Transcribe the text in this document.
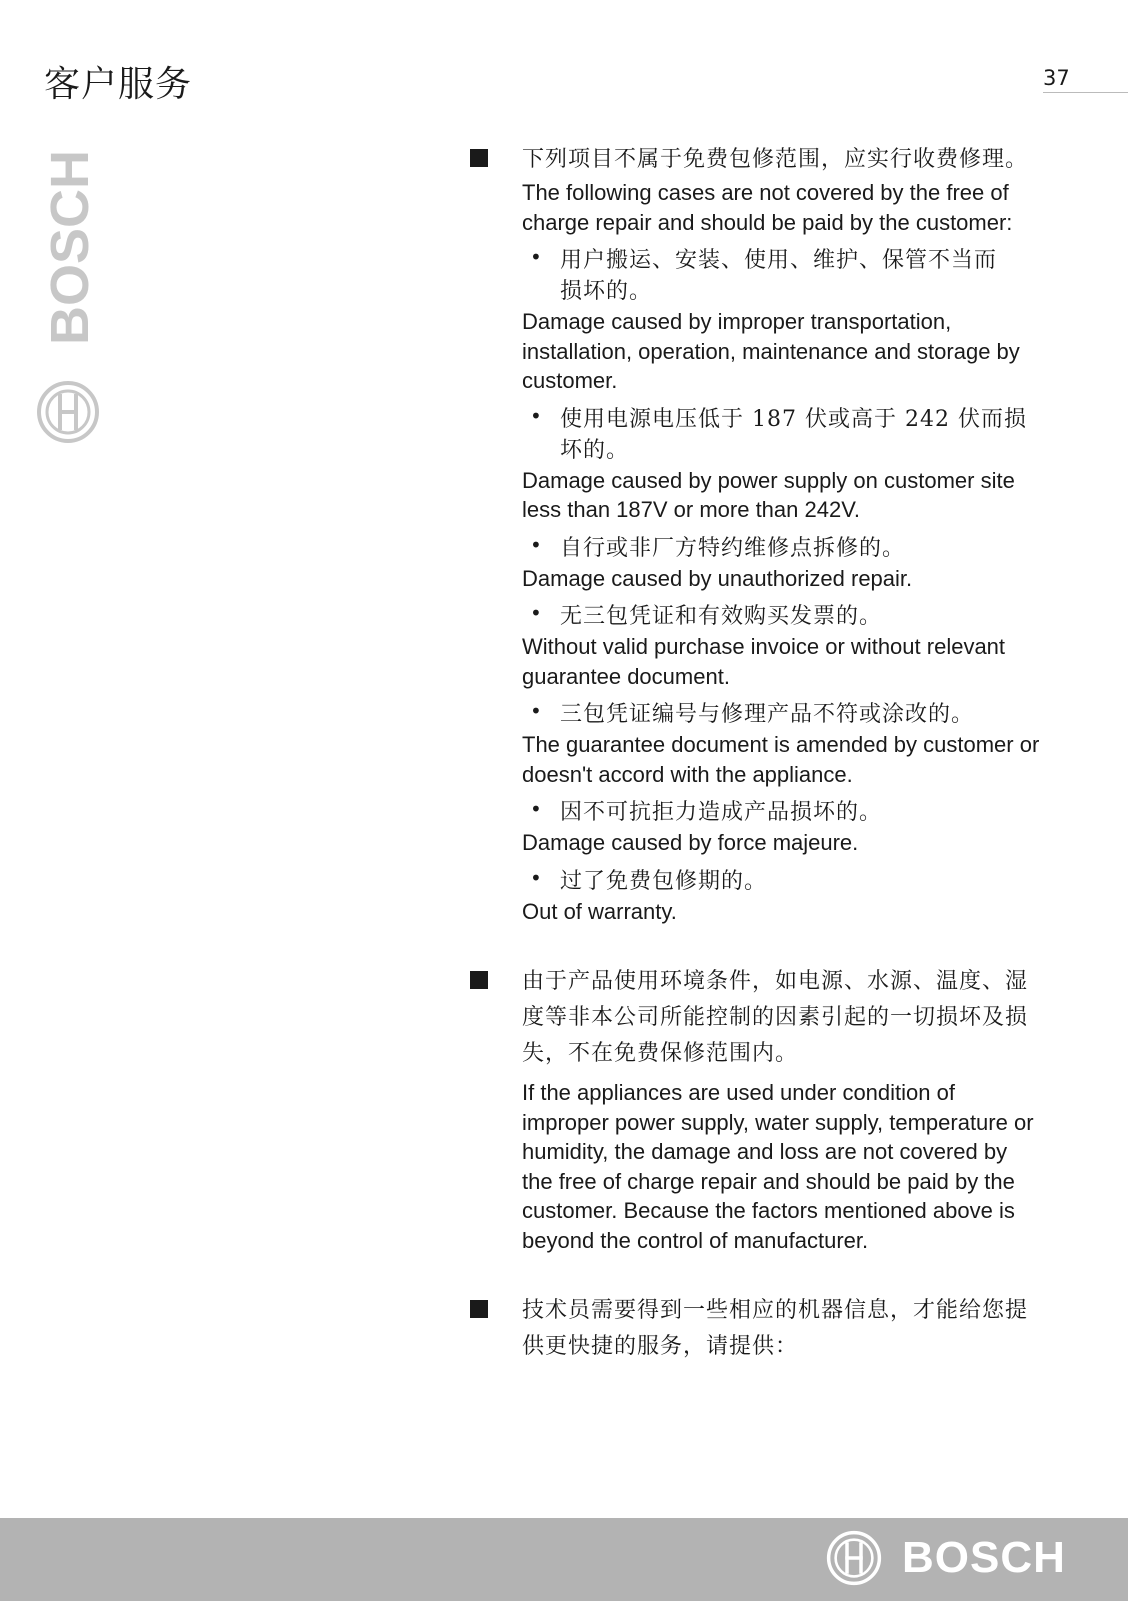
客户服务	37
BOSCH	下列项目不属于免费包修范围，应实行收费修理。

The following cases are not covered by the free of charge repair and should be paid by the customer:

• 用户搬运、安装、使用、维护、保管不当而
损坏的。

Damage caused by improper transportation, installation, operation, maintenance and storage by customer.

• 使用电源电压低于 187 伏或高于 242 伏而损
坏的。

Damage caused by power supply on customer site less than 187V or more than 242V.

• 自行或非厂方特约维修点拆修的。

Damage caused by unauthorized repair.

• 无三包凭证和有效购买发票的。

Without valid purchase invoice or without relevant guarantee document.

• 三包凭证编号与修理产品不符或涂改的。

The guarantee document is amended by customer or doesn't accord with the appliance.

• 因不可抗拒力造成产品损坏的。

Damage caused by force majeure.

• 过了免费包修期的。

Out of warranty.

由于产品使用环境条件，如电源、水源、温度、湿度等非本公司所能控制的因素引起的一切损坏及损失，不在免费保修范围内。

If the appliances are used under condition of improper power supply, water supply, temperature or humidity, the damage and loss are not covered by the free of charge repair and should be paid by the customer. Because the factors mentioned above is beyond the control of manufacturer.

技术员需要得到一些相应的机器信息，才能给您提供更快捷的服务，请提供：

BOSCH
